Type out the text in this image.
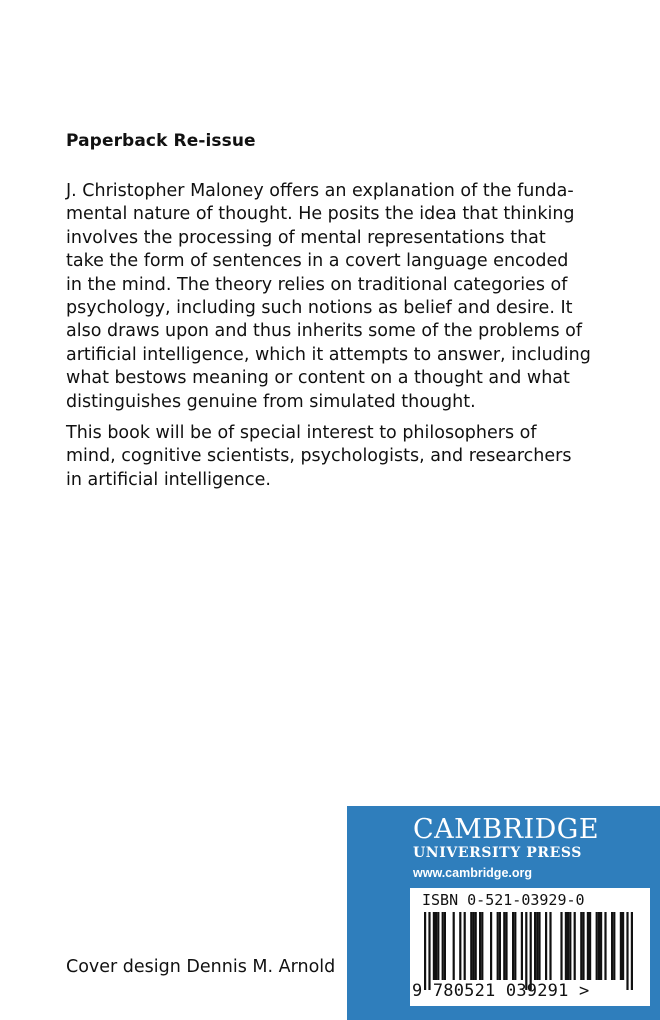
Paperback Re-issue
J. Christopher Maloney offers an explanation of the funda-
mental nature of thought. He posits the idea that thinking
involves the processing of mental representations that
take the form of sentences in a covert language encoded
in the mind. The theory relies on traditional categories of
psychology, including such notions as belief and desire. It
also draws upon and thus inherits some of the problems of
artificial intelligence, which it attempts to answer, including
what bestows meaning or content on a thought and what
distinguishes genuine from simulated thought.
This book will be of special interest to philosophers of
mind, cognitive scientists, psychologists, and researchers
in artificial intelligence.
Cover design Dennis M. Arnold
CAMBRIDGE
UNIVERSITY PRESS
www.cambridge.org
ISBN 0-521-03929-0
9 780521 039291 >
